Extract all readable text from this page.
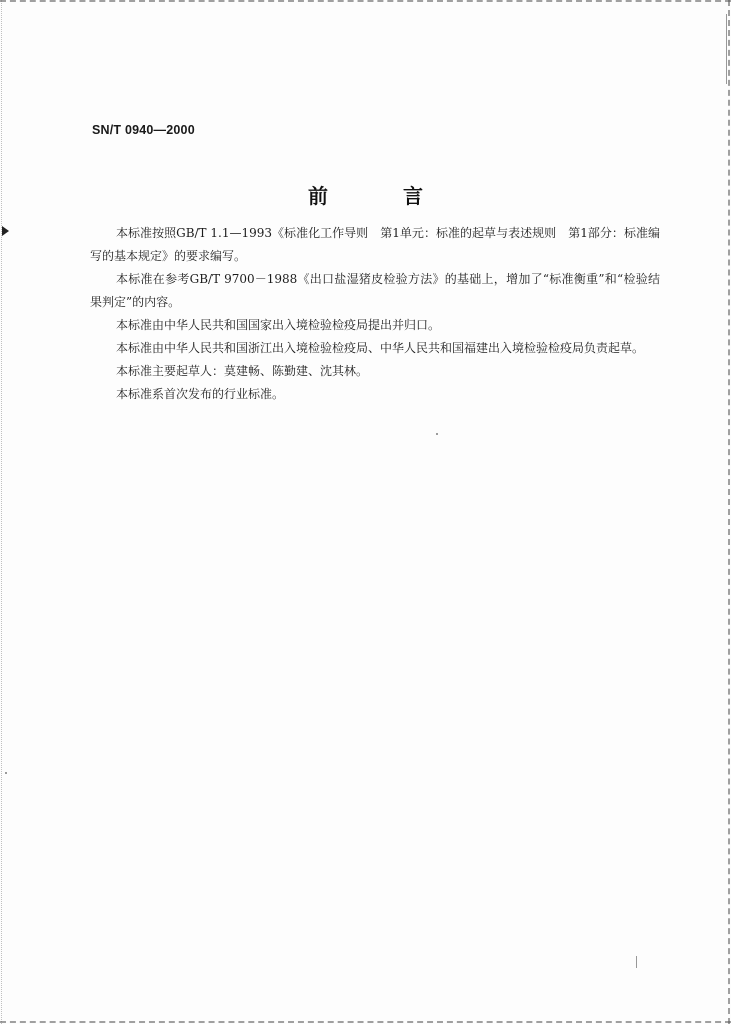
SN/T 0940—2000
前 言

本标准按照GB/T 1.1—1993《标准化工作导则　第1单元：标准的起草与表述规则　第1部分：标准编写的基本规定》的要求编写。

本标准在参考GB/T 9700－1988《出口盐湿猪皮检验方法》的基础上，增加了“标准衡重”和“检验结果判定”的内容。

本标准由中华人民共和国国家出入境检验检疫局提出并归口。

本标准由中华人民共和国浙江出入境检验检疫局、中华人民共和国福建出入境检验检疫局负责起草。

本标准主要起草人：莫建畅、陈勤建、沈其林。

本标准系首次发布的行业标准。
